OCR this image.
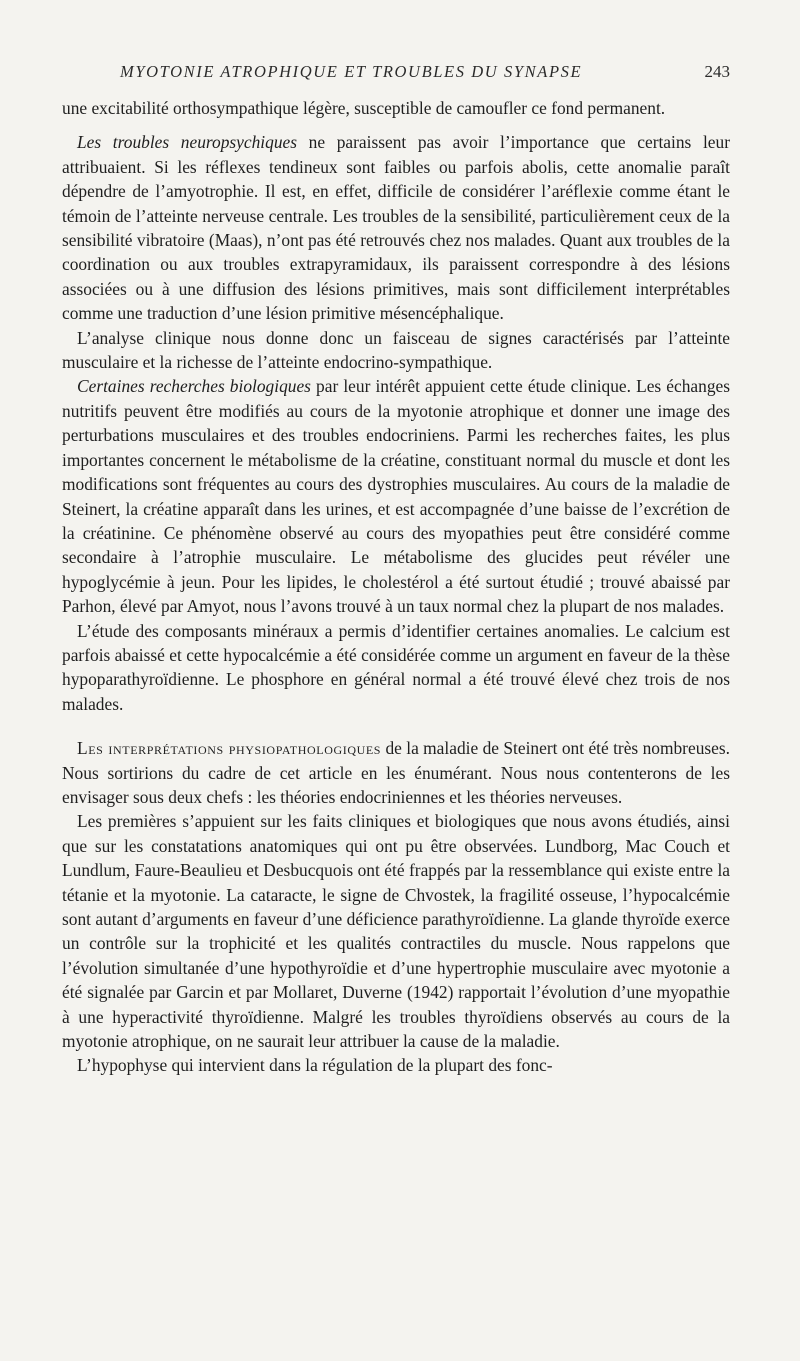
MYOTONIE ATROPHIQUE ET TROUBLES DU SYNAPSE	243

une excitabilité orthosympathique légère, susceptible de camoufler ce fond permanent.

Les troubles neuropsychiques ne paraissent pas avoir l’importance que certains leur attribuaient. Si les réflexes tendineux sont faibles ou parfois abolis, cette anomalie paraît dépendre de l’amyotrophie. Il est, en effet, difficile de considérer l’aréflexie comme étant le témoin de l’atteinte nerveuse centrale. Les troubles de la sensibilité, particulièrement ceux de la sensibilité vibratoire (Maas), n’ont pas été retrouvés chez nos malades. Quant aux troubles de la coordination ou aux troubles extrapyramidaux, ils paraissent correspondre à des lésions associées ou à une diffusion des lésions primitives, mais sont difficilement interprétables comme une traduction d’une lésion primitive mésencéphalique.

L’analyse clinique nous donne donc un faisceau de signes caractérisés par l’atteinte musculaire et la richesse de l’atteinte endocrino-sympathique.

Certaines recherches biologiques par leur intérêt appuient cette étude clinique. Les échanges nutritifs peuvent être modifiés au cours de la myotonie atrophique et donner une image des perturbations musculaires et des troubles endocriniens. Parmi les recherches faites, les plus importantes concernent le métabolisme de la créatine, constituant normal du muscle et dont les modifications sont fréquentes au cours des dystrophies musculaires. Au cours de la maladie de Steinert, la créatine apparaît dans les urines, et est accompagnée d’une baisse de l’excrétion de la créatinine. Ce phénomène observé au cours des myopathies peut être considéré comme secondaire à l’atrophie musculaire. Le métabolisme des glucides peut révéler une hypoglycémie à jeun. Pour les lipides, le cholestérol a été surtout étudié ; trouvé abaissé par Parhon, élevé par Amyot, nous l’avons trouvé à un taux normal chez la plupart de nos malades.

L’étude des composants minéraux a permis d’identifier certaines anomalies. Le calcium est parfois abaissé et cette hypocalcémie a été considérée comme un argument en faveur de la thèse hypoparathyroïdienne. Le phosphore en général normal a été trouvé élevé chez trois de nos malades.

Les interprétations physiopathologiques de la maladie de Steinert ont été très nombreuses. Nous sortirions du cadre de cet article en les énumérant. Nous nous contenterons de les envisager sous deux chefs : les théories endocriniennes et les théories nerveuses.

Les premières s’appuient sur les faits cliniques et biologiques que nous avons étudiés, ainsi que sur les constatations anatomiques qui ont pu être observées. Lundborg, Mac Couch et Lundlum, Faure-Beaulieu et Desbucquois ont été frappés par la ressemblance qui existe entre la tétanie et la myotonie. La cataracte, le signe de Chvostek, la fragilité osseuse, l’hypocalcémie sont autant d’arguments en faveur d’une déficience parathyroïdienne. La glande thyroïde exerce un contrôle sur la trophicité et les qualités contractiles du muscle. Nous rappelons que l’évolution simultanée d’une hypothyroïdie et d’une hypertrophie musculaire avec myotonie a été signalée par Garcin et par Mollaret, Duverne (1942) rapportait l’évolution d’une myopathie à une hyperactivité thyroïdienne. Malgré les troubles thyroïdiens observés au cours de la myotonie atrophique, on ne saurait leur attribuer la cause de la maladie.

L’hypophyse qui intervient dans la régulation de la plupart des fonc-
